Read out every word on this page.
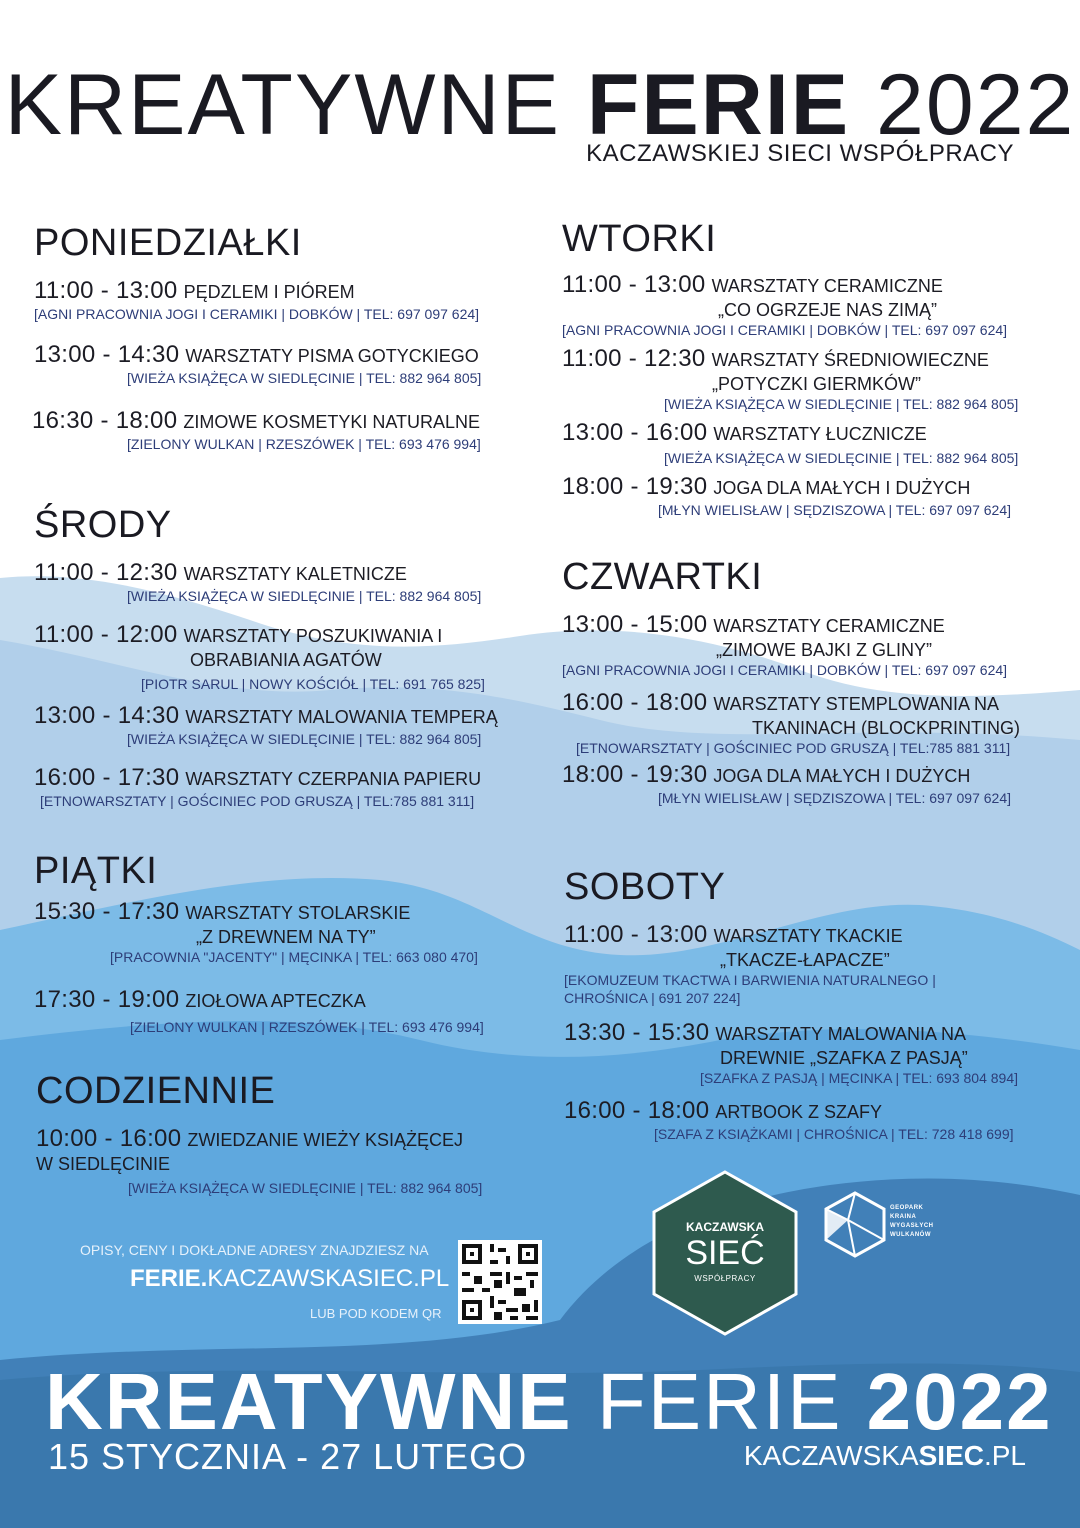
KREATYWNE FERIE 2022
KACZAWSKIEJ SIECI WSPÓŁPRACY
PONIEDZIAŁKI
11:00 - 13:00 PĘDZLEM I PIÓREM
[AGNI PRACOWNIA JOGI I CERAMIKI | DOBKÓW | TEL: 697 097 624]
13:00 - 14:30 WARSZTATY PISMA GOTYCKIEGO
[WIEŻA KSIĄŻĘCA W SIEDLĘCINIE | TEL: 882 964 805]
16:30 - 18:00 ZIMOWE KOSMETYKI NATURALNE
[ZIELONY WULKAN | RZESZÓWEK | TEL: 693 476 994]
ŚRODY
11:00 - 12:30 WARSZTATY KALETNICZE
[WIEŻA KSIĄŻĘCA W SIEDLĘCINIE | TEL: 882 964 805]
11:00 - 12:00 WARSZTATY POSZUKIWANIA I
OBRABIANIA AGATÓW
[PIOTR SARUL | NOWY KOŚCIÓŁ | TEL: 691 765 825]
13:00 - 14:30 WARSZTATY MALOWANIA TEMPERĄ
[WIEŻA KSIĄŻĘCA W SIEDLĘCINIE | TEL: 882 964 805]
16:00 - 17:30 WARSZTATY CZERPANIA PAPIERU
[ETNOWARSZTATY | GOŚCINIEC POD GRUSZĄ | TEL:785 881 311]
PIĄTKI
15:30 - 17:30 WARSZTATY STOLARSKIE
„Z DREWNEM NA TY”
[PRACOWNIA "JACENTY" | MĘCINKA | TEL: 663 080 470]
17:30 - 19:00 ZIOŁOWA APTECZKA
[ZIELONY WULKAN | RZESZÓWEK | TEL: 693 476 994]
CODZIENNIE
10:00 - 16:00 ZWIEDZANIE WIEŻY KSIĄŻĘCEJ
W SIEDLĘCINIE
[WIEŻA KSIĄŻĘCA W SIEDLĘCINIE | TEL: 882 964 805]
WTORKI
11:00 - 13:00 WARSZTATY CERAMICZNE
„CO OGRZEJE NAS ZIMĄ”
[AGNI PRACOWNIA JOGI I CERAMIKI | DOBKÓW | TEL: 697 097 624]
11:00 - 12:30 WARSZTATY ŚREDNIOWIECZNE
„POTYCZKI GIERMKÓW”
[WIEŻA KSIĄŻĘCA W SIEDLĘCINIE | TEL: 882 964 805]
13:00 - 16:00 WARSZTATY ŁUCZNICZE
[WIEŻA KSIĄŻĘCA W SIEDLĘCINIE | TEL: 882 964 805]
18:00 - 19:30 JOGA DLA MAŁYCH I DUŻYCH
[MŁYN WIELISŁAW | SĘDZISZOWA | TEL: 697 097 624]
CZWARTKI
13:00 - 15:00 WARSZTATY CERAMICZNE
„ZIMOWE BAJKI Z GLINY”
[AGNI PRACOWNIA JOGI I CERAMIKI | DOBKÓW | TEL: 697 097 624]
16:00 - 18:00 WARSZTATY STEMPLOWANIA NA
TKANINACH (BLOCKPRINTING)
[ETNOWARSZTATY | GOŚCINIEC POD GRUSZĄ | TEL:785 881 311]
18:00 - 19:30 JOGA DLA MAŁYCH I DUŻYCH
[MŁYN WIELISŁAW | SĘDZISZOWA | TEL: 697 097 624]
SOBOTY
11:00 - 13:00 WARSZTATY TKACKIE
„TKACZE-ŁAPACZE”
[EKOMUZEUM TKACTWA I BARWIENIA NATURALNEGO |
CHROŚNICA | 691 207 224]
13:30 - 15:30 WARSZTATY MALOWANIA NA
DREWNIE „SZAFKA Z PASJĄ”
[SZAFKA Z PASJĄ | MĘCINKA | TEL: 693 804 894]
16:00 - 18:00 ARTBOOK Z SZAFY
[SZAFA Z KSIĄŻKAMI | CHROŚNICA | TEL: 728 418 699]
KACZAWSKA
SIEĆ
WSPÓŁPRACY
GEOPARK
KRAINA
WYGASŁYCH
WULKANÓW
OPISY, CENY I DOKŁADNE ADRESY ZNAJDZIESZ NA
FERIE.KACZAWSKASIEC.PL
LUB POD KODEM QR
KREATYWNE FERIE 2022
15 STYCZNIA - 27 LUTEGO	KACZAWSKASIEC.PL
